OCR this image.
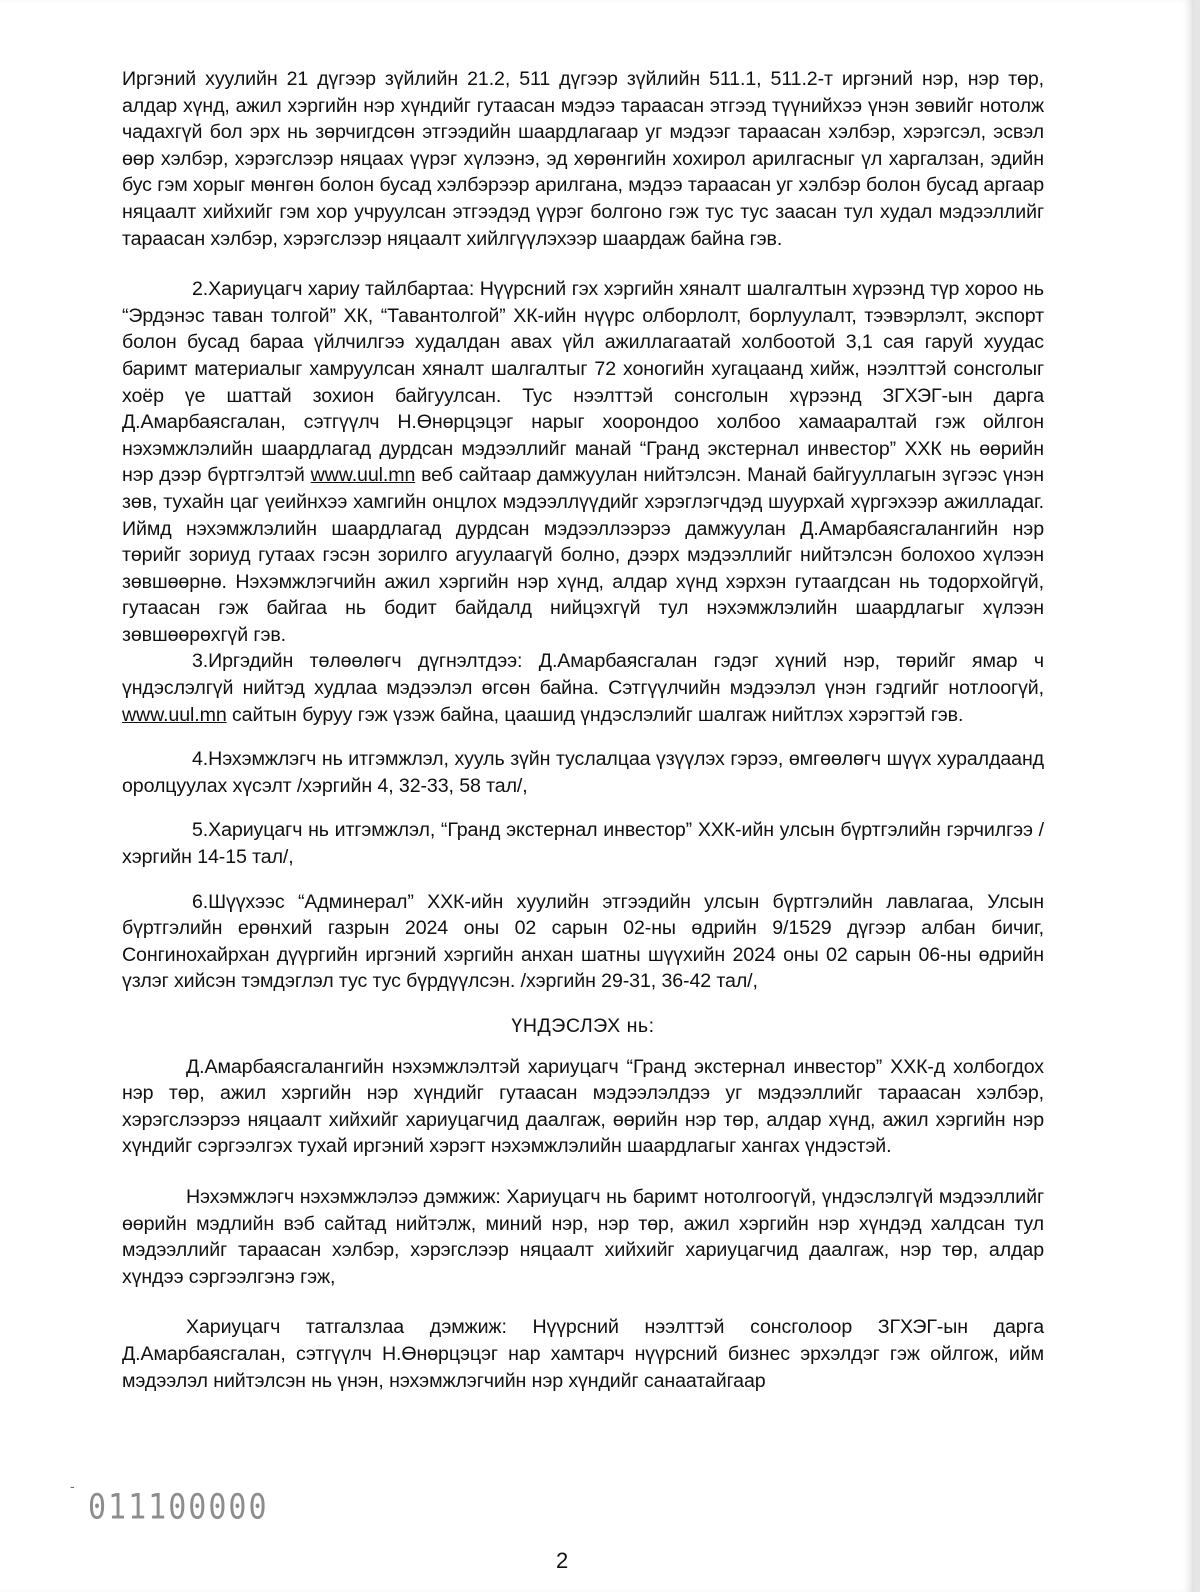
Иргэний хуулийн 21 дүгээр зүйлийн 21.2, 511 дүгээр зүйлийн 511.1, 511.2-т иргэний нэр, нэр төр, алдар хүнд, ажил хэргийн нэр хүндийг гутаасан мэдээ тараасан этгээд түүнийхээ үнэн зөвийг нотолж чадахгүй бол эрх нь зөрчигдсөн этгээдийн шаардлагаар уг мэдээг тараасан хэлбэр, хэрэгсэл, эсвэл өөр хэлбэр, хэрэгслээр няцаах үүрэг хүлээнэ, эд хөрөнгийн хохирол арилгасныг үл харгалзан, эдийн бус гэм хорыг мөнгөн болон бусад хэлбэрээр арилгана, мэдээ тараасан уг хэлбэр болон бусад аргаар няцаалт хийхийг гэм хор учруулсан этгээдэд үүрэг болгоно гэж тус тус заасан тул худал мэдээллийг тараасан хэлбэр, хэрэгслээр няцаалт хийлгүүлэхээр шаардаж байна гэв.

2.Хариуцагч хариу тайлбартаа: Нүүрсний гэх хэргийн хяналт шалгалтын хүрээнд түр хороо нь “Эрдэнэс таван толгой” ХК, “Тавантолгой” ХК-ийн нүүрс олборлолт, борлуулалт, тээвэрлэлт, экспорт болон бусад бараа үйлчилгээ худалдан авах үйл ажиллагаатай холбоотой 3,1 сая гаруй хуудас баримт материалыг хамруулсан хяналт шалгалтыг 72 хоногийн хугацаанд хийж, нээлттэй сонсголыг хоёр үе шаттай зохион байгуулсан. Тус нээлттэй сонсголын хүрээнд ЗГХЭГ-ын дарга Д.Амарбаясгалан, сэтгүүлч Н.Өнөрцэцэг нарыг хоорондоо холбоо хамааралтай гэж ойлгон нэхэмжлэлийн шаардлагад дурдсан мэдээллийг манай “Гранд экстернал инвестор” ХХК нь өөрийн нэр дээр бүртгэлтэй www.uul.mn веб сайтаар дамжуулан нийтэлсэн. Манай байгууллагын зүгээс үнэн зөв, тухайн цаг үеийнхээ хамгийн онцлох мэдээллүүдийг хэрэглэгчдэд шуурхай хүргэхээр ажилладаг. Иймд нэхэмжлэлийн шаардлагад дурдсан мэдээллээрээ дамжуулан Д.Амарбаясгалангийн нэр төрийг зориуд гутаах гэсэн зорилго агуулаагүй болно, дээрх мэдээллийг нийтэлсэн болохоо хүлээн зөвшөөрнө. Нэхэмжлэгчийн ажил хэргийн нэр хүнд, алдар хүнд хэрхэн гутаагдсан нь тодорхойгүй, гутаасан гэж байгаа нь бодит байдалд нийцэхгүй тул нэхэмжлэлийн шаардлагыг хүлээн зөвшөөрөхгүй гэв.

3.Иргэдийн төлөөлөгч дүгнэлтдээ: Д.Амарбаясгалан гэдэг хүний нэр, төрийг ямар ч үндэслэлгүй нийтэд худлаа мэдээлэл өгсөн байна. Сэтгүүлчийн мэдээлэл үнэн гэдгийг нотлоогүй, www.uul.mn сайтын буруу гэж үзэж байна, цаашид үндэслэлийг шалгаж нийтлэх хэрэгтэй гэв.

4.Нэхэмжлэгч нь итгэмжлэл, хууль зүйн туслалцаа үзүүлэх гэрээ, өмгөөлөгч шүүх хуралдаанд оролцуулах хүсэлт /хэргийн 4, 32-33, 58 тал/,

5.Хариуцагч нь итгэмжлэл, “Гранд экстернал инвестор” ХХК-ийн улсын бүртгэлийн гэрчилгээ /хэргийн 14-15 тал/,

6.Шүүхээс “Админерал” ХХК-ийн хуулийн этгээдийн улсын бүртгэлийн лавлагаа, Улсын бүртгэлийн ерөнхий газрын 2024 оны 02 сарын 02-ны өдрийн 9/1529 дүгээр албан бичиг, Сонгинохайрхан дүүргийн иргэний хэргийн анхан шатны шүүхийн 2024 оны 02 сарын 06-ны өдрийн үзлэг хийсэн тэмдэглэл тус тус бүрдүүлсэн. /хэргийн 29-31, 36-42 тал/,

ҮНДЭСЛЭХ нь:

Д.Амарбаясгалангийн нэхэмжлэлтэй хариуцагч “Гранд экстернал инвестор” ХХК-д холбогдох нэр төр, ажил хэргийн нэр хүндийг гутаасан мэдээлэлдээ уг мэдээллийг тараасан хэлбэр, хэрэгслээрээ няцаалт хийхийг хариуцагчид даалгаж, өөрийн нэр төр, алдар хүнд, ажил хэргийн нэр хүндийг сэргээлгэх тухай иргэний хэрэгт нэхэмжлэлийн шаардлагыг хангах үндэстэй.

Нэхэмжлэгч нэхэмжлэлээ дэмжиж: Хариуцагч нь баримт нотолгоогүй, үндэслэлгүй мэдээллийг өөрийн мэдлийн вэб сайтад нийтэлж, миний нэр, нэр төр, ажил хэргийн нэр хүндэд халдсан тул мэдээллийг тараасан хэлбэр, хэрэгслээр няцаалт хийхийг хариуцагчид даалгаж, нэр төр, алдар хүндээ сэргээлгэнэ гэж,

Хариуцагч татгалзлаа дэмжиж: Нүүрсний нээлттэй сонсголоор ЗГХЭГ-ын дарга Д.Амарбаясгалан, сэтгүүлч Н.Өнөрцэцэг нар хамтарч нүүрсний бизнес эрхэлдэг гэж ойлгож, ийм мэдээлэл нийтэлсэн нь үнэн, нэхэмжлэгчийн нэр хүндийг санаатайгаар

-
011100000
2
